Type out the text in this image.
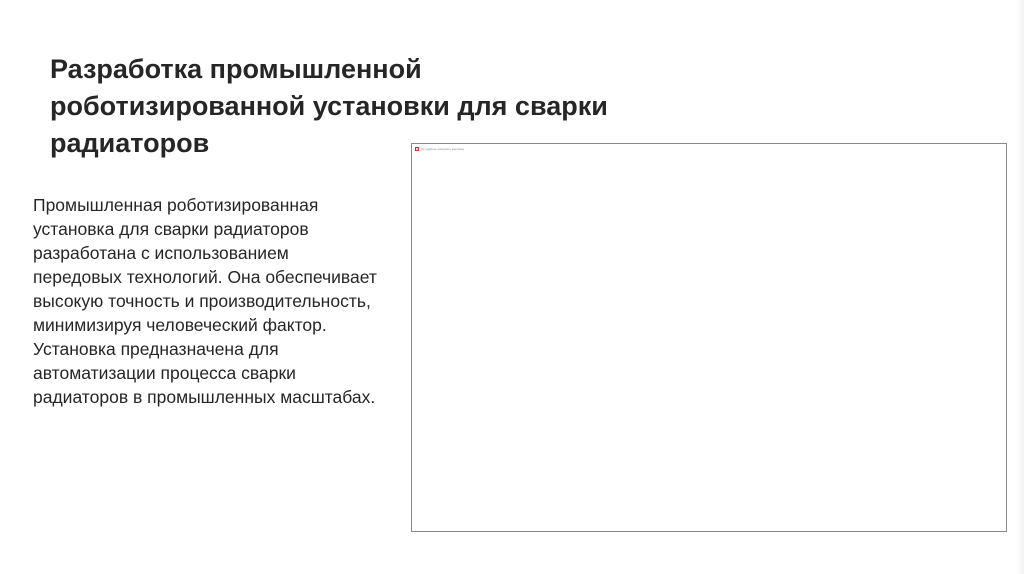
Разработка промышленной роботизированной установки для сварки радиаторов

Промышленная роботизированная установка для сварки радиаторов разработана с использованием передовых технологий. Она обеспечивает высокую точность и производительность, минимизируя человеческий фактор. Установка предназначена для автоматизации процесса сварки радиаторов в промышленных масштабах.

Не удалось загрузить картинку
